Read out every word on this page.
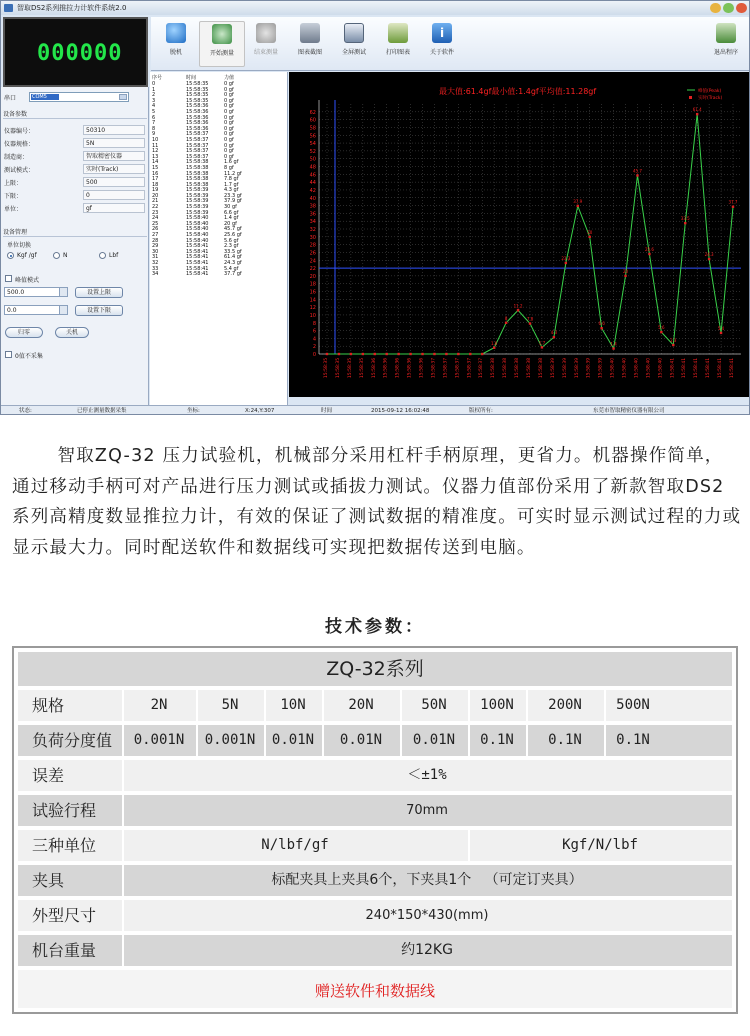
智取DS2系列推拉力计软件系统2.0
000000	脱机	开始测量	结束测量	图表截图	全屏测试	打印图表
i
关于软件	退出程序
串口	COM5
设备参数
仪器编号：	50310
仪器规格：	5N
制造商：	智取精密仪器
测试模式：	实时(Track)
上限：	500
下限：	0
单位：	gf
设备管理
单位切换
Kgf /gf	N	Lbf
峰值模式
500.0	设置上限
0.0	设置下限
归零	关机
0值不采集
序号	时间	力值
0	15:58:35	0 gf
1	15:58:35	0 gf
2	15:58:35	0 gf
3	15:58:35	0 gf
4	15:58:36	0 gf
5	15:58:36	0 gf
6	15:58:36	0 gf
7	15:58:36	0 gf
8	15:58:36	0 gf
9	15:58:37	0 gf
10	15:58:37	0 gf
11	15:58:37	0 gf
12	15:58:37	0 gf
13	15:58:37	0 gf
14	15:58:38	1.6 gf
15	15:58:38	8 gf
16	15:58:38	11.2 gf
17	15:58:38	7.8 gf
18	15:58:38	1.7 gf
19	15:58:39	4.3 gf
20	15:58:39	23.3 gf
21	15:58:39	37.9 gf
22	15:58:39	30 gf
23	15:58:39	6.6 gf
24	15:58:40	1.4 gf
25	15:58:40	20 gf
26	15:58:40	45.7 gf
27	15:58:40	25.6 gf
28	15:58:40	5.6 gf
29	15:58:41	2.3 gf
30	15:58:41	33.5 gf
31	15:58:41	61.4 gf
32	15:58:41	24.3 gf
33	15:58:41	5.4 gf
34	15:58:41	37.7 gf
0
2
4
6
8
10
12
14
16
18
20
22
24
26
28
30
32
34
36
38
40
42
44
46
48
50
52
54
56
58
60
62
15:58:35 15:58:35 15:58:35 15:58:35 15:58:36 15:58:36 15:58:36 15:58:36 15:58:36 15:58:37 15:58:37 15:58:37 15:58:37 15:58:37 15:58:38 15:58:38 15:58:38 15:58:38 15:58:38 15:58:39 15:58:39 15:58:39 15:58:39 15:58:39 15:58:40 15:58:40 15:58:40 15:58:40 15:58:40 15:58:41 15:58:41 15:58:41 15:58:41 15:58:41 15:58:41
1.6
8
11.2
7.8
1.7
4.3
23.3
37.9
30
6.6
1.4
20
45.7
25.6
5.6
2.3
33.5
61.4
24.3
5.4
37.7
最大值:61.4gf最小值:1.4gf平均值:11.28gf	峰值(Peak)
实时(Track)
状态:	已停止测量数据采集	坐标:	X:24,Y:307	时间	2015-09-12 16:02:48	版权所有:	东莞市智取精密仪器有限公司

智取ZQ-32 压力试验机，机械部分采用杠杆手柄原理，更省力。机器操作简单，通过移动手柄可对产品进行压力测试或插拔力测试。仪器力值部份采用了新款智取DS2系列高精度数显推拉力计，有效的保证了测试数据的精准度。可实时显示测试过程的力或显示最大力。同时配送软件和数据线可实现把数据传送到电脑。

技术参数：
ZQ-32系列
规格	2N	5N	10N	20N	50N	100N	200N	500N
负荷分度值	0.001N	0.001N	0.01N	0.01N	0.01N	0.1N	0.1N	0.1N
误差	＜±1%
试验行程	70mm
三种单位	N/lbf/gf	Kgf/N/lbf
夹具	标配夹具上夹具6个，下夹具1个   （可定订夹具）
外型尺寸	240*150*430(mm)
机台重量	约12KG
赠送软件和数据线
